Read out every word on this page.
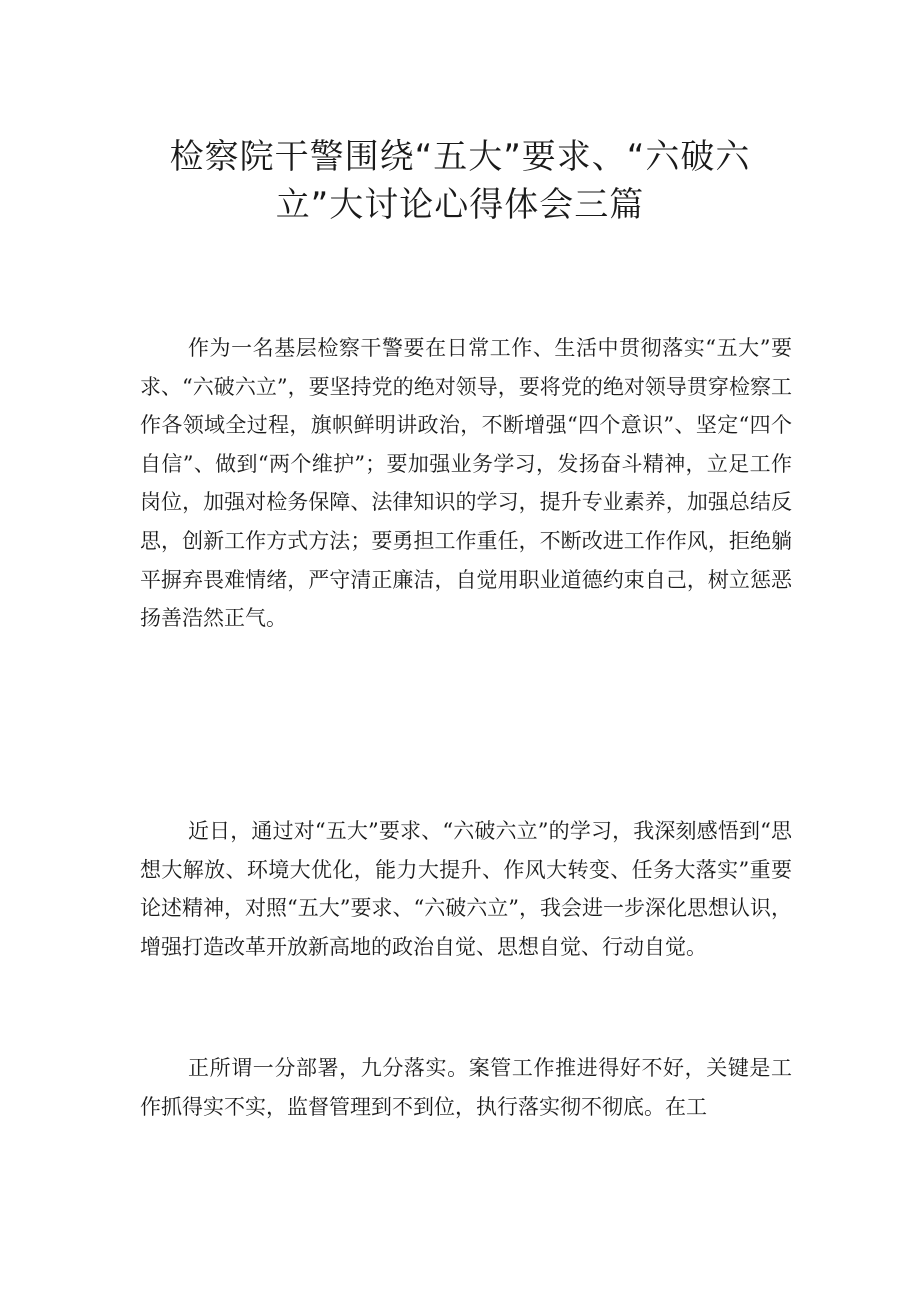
检察院干警围绕“五大”要求、“六破六
立”大讨论心得体会三篇

作为一名基层检察干警要在日常工作、生活中贯彻落实“五大”要求、“六破六立”，要坚持党的绝对领导，要将党的绝对领导贯穿检察工作各领域全过程，旗帜鲜明讲政治，不断增强“四个意识”、坚定“四个自信”、做到“两个维护”；要加强业务学习，发扬奋斗精神，立足工作岗位，加强对检务保障、法律知识的学习，提升专业素养，加强总结反思，创新工作方式方法；要勇担工作重任，不断改进工作作风，拒绝躺平摒弃畏难情绪，严守清正廉洁，自觉用职业道德约束自己，树立惩恶扬善浩然正气。

近日，通过对“五大”要求、“六破六立”的学习，我深刻感悟到“思想大解放、环境大优化，能力大提升、作风大转变、任务大落实”重要论述精神，对照“五大”要求、“六破六立”，我会进一步深化思想认识，增强打造改革开放新高地的政治自觉、思想自觉、行动自觉。

正所谓一分部署，九分落实。案管工作推进得好不好，关键是工作抓得实不实，监督管理到不到位，执行落实彻不彻底。在工
